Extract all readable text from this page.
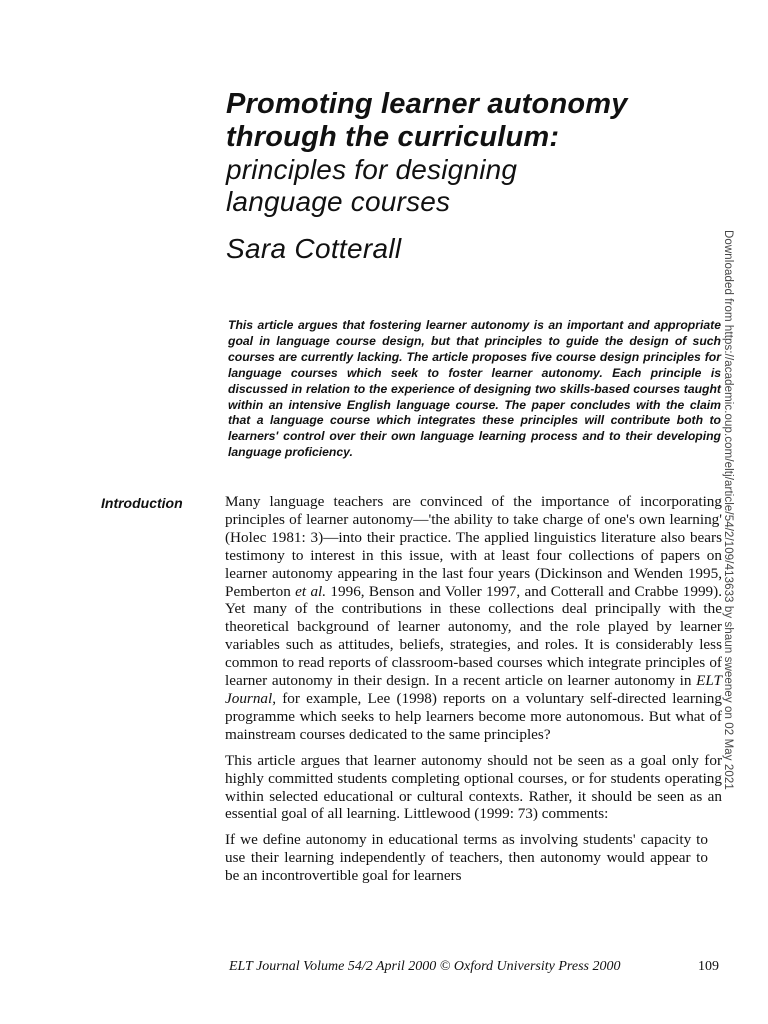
Promoting learner autonomy
through the curriculum:
principles for designing
language courses
Sara Cotterall

This article argues that fostering learner autonomy is an important and appropriate goal in language course design, but that principles to guide the design of such courses are currently lacking. The article proposes five course design principles for language courses which seek to foster learner autonomy. Each principle is discussed in relation to the experience of designing two skills-based courses taught within an intensive English language course. The paper concludes with the claim that a language course which integrates these principles will contribute both to learners' control over their own language learning process and to their developing language proficiency.

Introduction	Many language teachers are convinced of the importance of incorporating principles of learner autonomy—'the ability to take charge of one's own learning' (Holec 1981: 3)—into their practice. The applied linguistics literature also bears testimony to interest in this issue, with at least four collections of papers on learner autonomy appearing in the last four years (Dickinson and Wenden 1995, Pemberton et al. 1996, Benson and Voller 1997, and Cotterall and Crabbe 1999). Yet many of the contributions in these collections deal principally with the theoretical background of learner autonomy, and the role played by learner variables such as attitudes, beliefs, strategies, and roles. It is considerably less common to read reports of classroom-based courses which integrate principles of learner autonomy in their design. In a recent article on learner autonomy in ELT Journal, for example, Lee (1998) reports on a voluntary self-directed learning programme which seeks to help learners become more autonomous. But what of mainstream courses dedicated to the same principles?

This article argues that learner autonomy should not be seen as a goal only for highly committed students completing optional courses, or for students operating within selected educational or cultural contexts. Rather, it should be seen as an essential goal of all learning. Littlewood (1999: 73) comments:

If we define autonomy in educational terms as involving students' capacity to use their learning independently of teachers, then autonomy would appear to be an incontrovertible goal for learners

ELT Journal Volume 54/2 April 2000 © Oxford University Press 2000	109
Downloaded from https://academic.oup.com/eltj/article/54/2/109/413633 by shaun sweeney on 02 May 2021
